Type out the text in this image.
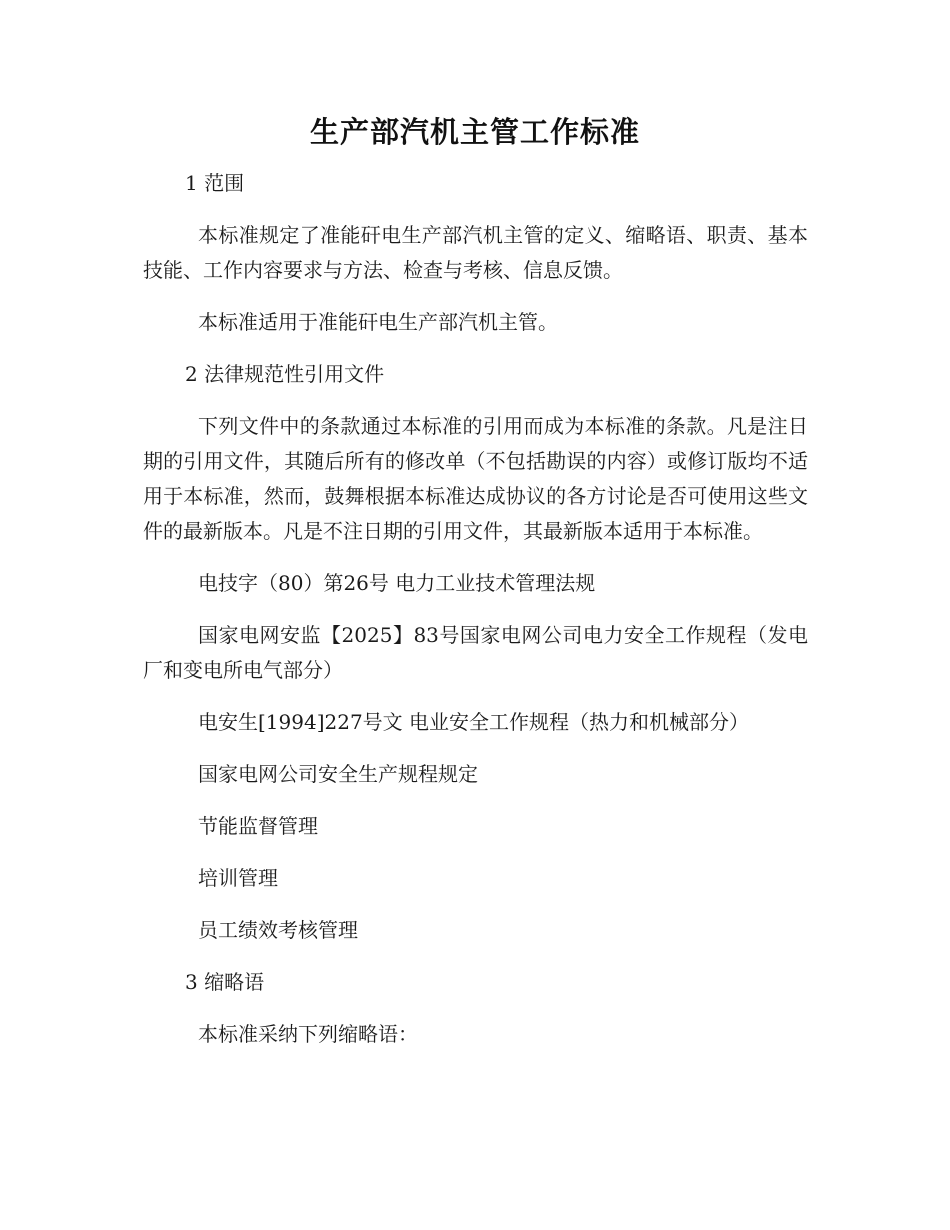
生产部汽机主管工作标准

1 范围

本标准规定了准能矸电生产部汽机主管的定义、缩略语、职责、基本技能、工作内容要求与方法、检查与考核、信息反馈。

本标准适用于准能矸电生产部汽机主管。

2 法律规范性引用文件

下列文件中的条款通过本标准的引用而成为本标准的条款。凡是注日期的引用文件，其随后所有的修改单（不包括勘误的内容）或修订版均不适用于本标准，然而，鼓舞根据本标准达成协议的各方讨论是否可使用这些文件的最新版本。凡是不注日期的引用文件，其最新版本适用于本标准。

电技字（80）第26号 电力工业技术管理法规

国家电网安监【2025】83号国家电网公司电力安全工作规程（发电厂和变电所电气部分）

电安生[1994]227号文 电业安全工作规程（热力和机械部分）

国家电网公司安全生产规程规定

节能监督管理

培训管理

员工绩效考核管理

3 缩略语

本标准采纳下列缩略语：
